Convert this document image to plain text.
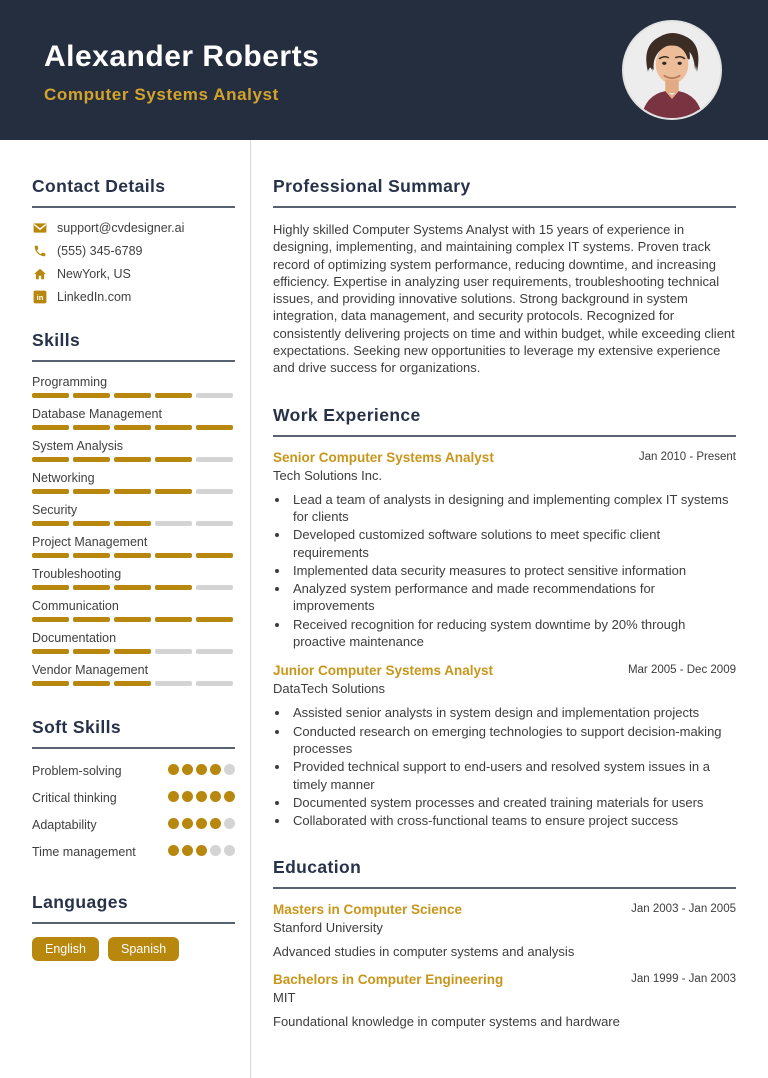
Alexander Roberts
Computer Systems Analyst
Contact Details
support@cvdesigner.ai
(555) 345-6789
NewYork, US
in LinkedIn.com
Skills
Programming
Database Management
System Analysis
Networking
Security
Project Management
Troubleshooting
Communication
Documentation
Vendor Management
Soft Skills
Problem-solving
Critical thinking
Adaptability
Time management
Languages
English	Spanish
Professional Summary

Highly skilled Computer Systems Analyst with 15 years of experience in designing, implementing, and maintaining complex IT systems. Proven track record of optimizing system performance, reducing downtime, and increasing efficiency. Expertise in analyzing user requirements, troubleshooting technical issues, and providing innovative solutions. Strong background in system integration, data management, and security protocols. Recognized for consistently delivering projects on time and within budget, while exceeding client expectations. Seeking new opportunities to leverage my extensive experience and drive success for organizations.

Work Experience
Senior Computer Systems Analyst	Jan 2010 - Present
Tech Solutions Inc.
• Lead a team of analysts in designing and implementing complex IT systems for clients
• Developed customized software solutions to meet specific client requirements
• Implemented data security measures to protect sensitive information
• Analyzed system performance and made recommendations for improvements
• Received recognition for reducing system downtime by 20% through proactive maintenance
Junior Computer Systems Analyst	Mar 2005 - Dec 2009
DataTech Solutions
• Assisted senior analysts in system design and implementation projects
• Conducted research on emerging technologies to support decision-making processes
• Provided technical support to end-users and resolved system issues in a timely manner
• Documented system processes and created training materials for users
• Collaborated with cross-functional teams to ensure project success
Education
Masters in Computer Science	Jan 2003 - Jan 2005
Stanford University
Advanced studies in computer systems and analysis
Bachelors in Computer Engineering	Jan 1999 - Jan 2003
MIT
Foundational knowledge in computer systems and hardware
